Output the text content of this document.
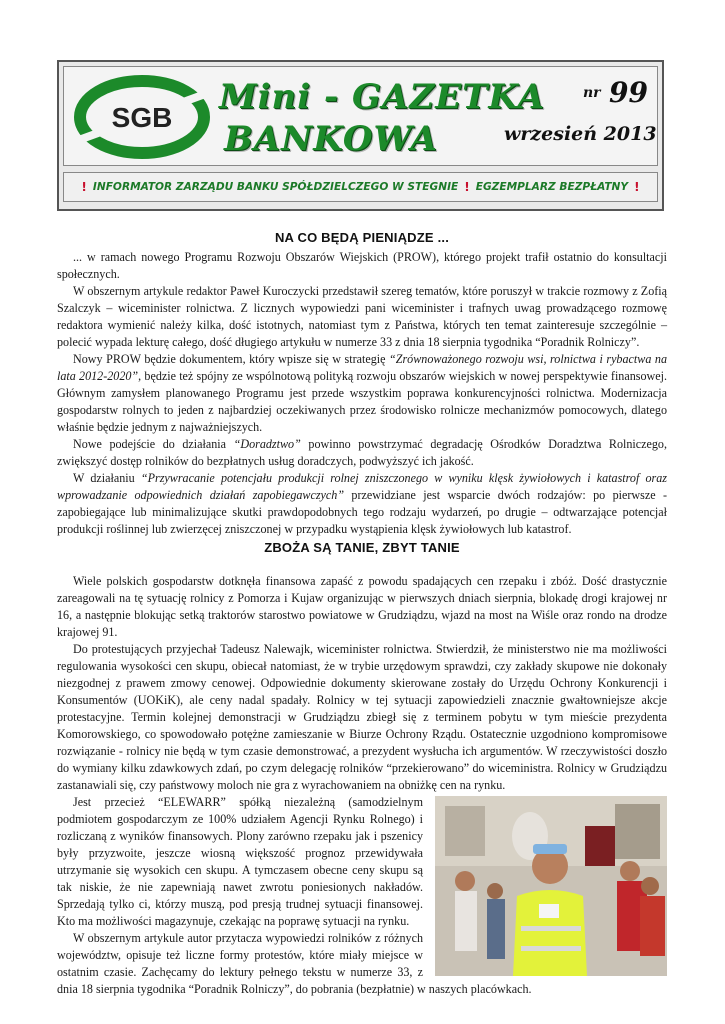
SGB
Mini - GAZETKA
BANKOWA
nr 99
wrzesień 2013
! INFORMATOR ZARZĄDU BANKU SPÓŁDZIELCZEGO W STEGNIE ! EGZEMPLARZ BEZPŁATNY !
NA CO BĘDĄ PIENIĄDZE ...

... w ramach nowego Programu Rozwoju Obszarów Wiejskich (PROW), którego projekt trafił ostatnio do konsultacji społecznych.

W obszernym artykule redaktor Paweł Kuroczycki przedstawił szereg tematów, które poruszył w trakcie rozmowy z Zofią Szalczyk – wiceminister rolnictwa. Z licznych wypowiedzi pani wiceminister i trafnych uwag prowadzącego rozmowę redaktora wymienić należy kilka, dość istotnych, natomiast tym z Państwa, których ten temat zainteresuje szczególnie – polecić wypada lekturę całego, dość długiego artykułu w numerze 33 z dnia 18 sierpnia tygodnika “Poradnik Rolniczy”.

Nowy PROW będzie dokumentem, który wpisze się w strategię “Zrównoważonego rozwoju wsi, rolnictwa i rybactwa na lata 2012-2020”, będzie też spójny ze wspólnotową polityką rozwoju obszarów wiejskich w nowej perspektywie finansowej. Głównym zamysłem planowanego Programu jest przede wszystkim poprawa konkurencyjności rolnictwa. Modernizacja gospodarstw rolnych to jeden z najbardziej oczekiwanych przez środowisko rolnicze mechanizmów pomocowych, dlatego właśnie będzie jednym z najważniejszych.

Nowe podejście do działania “Doradztwo” powinno powstrzymać degradację Ośrodków Doradztwa Rolniczego, zwiększyć dostęp rolników do bezpłatnych usług doradczych, podwyższyć ich jakość.

W działaniu “Przywracanie potencjału produkcji rolnej zniszczonego w wyniku klęsk żywiołowych i katastrof oraz wprowadzanie odpowiednich działań zapobiegawczych” przewidziane jest wsparcie dwóch rodzajów: po pierwsze - zapobiegające lub minimalizujące skutki prawdopodobnych tego rodzaju wydarzeń, po drugie – odtwarzające potencjał produkcji roślinnej lub zwierzęcej zniszczonej w przypadku wystąpienia klęsk żywiołowych lub katastrof.

ZBOŻA SĄ TANIE, ZBYT TANIE

Wiele polskich gospodarstw dotknęła finansowa zapaść z powodu spadających cen rzepaku i zbóż. Dość drastycznie zareagowali na tę sytuację rolnicy z Pomorza i Kujaw organizując w pierwszych dniach sierpnia, blokadę drogi krajowej nr 16, a następnie blokując setką traktorów starostwo powiatowe w Grudziądzu, wjazd na most na Wiśle oraz rondo na drodze krajowej 91.

Do protestujących przyjechał Tadeusz Nalewajk, wiceminister rolnictwa. Stwierdził, że ministerstwo nie ma możliwości regulowania wysokości cen skupu, obiecał natomiast, że w trybie urzędowym sprawdzi, czy zakłady skupowe nie dokonały niezgodnej z prawem zmowy cenowej. Odpowiednie dokumenty skierowane zostały do Urzędu Ochrony Konkurencji i Konsumentów (UOKiK), ale ceny nadal spadały. Rolnicy w tej sytuacji zapowiedzieli znacznie gwałtowniejsze akcje protestacyjne. Termin kolejnej demonstracji w Grudziądzu zbiegł się z terminem pobytu w tym mieście prezydenta Komorowskiego, co spowodowało potężne zamieszanie w Biurze Ochrony Rządu. Ostatecznie uzgodniono kompromisowe rozwiązanie - rolnicy nie będą w tym czasie demonstrować, a prezydent wysłucha ich argumentów. W rzeczywistości doszło do wymiany kilku zdawkowych zdań, po czym delegację rolników “przekierowano” do wiceministra. Rolnicy w Grudziądzu zastanawiali się, czy państwowy moloch nie gra z wyrachowaniem na obniżkę cen na rynku.

Jest przecież “ELEWARR” spółką niezależną (samodzielnym podmiotem gospodarczym ze 100% udziałem Agencji Rynku Rolnego) i rozliczaną z wyników finansowych. Plony zarówno rzepaku jak i pszenicy były przyzwoite, jeszcze wiosną większość prognoz przewidywała utrzymanie się wysokich cen skupu. A tymczasem obecne ceny skupu są tak niskie, że nie zapewniają nawet zwrotu poniesionych nakładów. Sprzedają tylko ci, którzy muszą, pod presją trudnej sytuacji finansowej. Kto ma możliwości magazynuje, czekając na poprawę sytuacji na rynku.

W obszernym artykule autor przytacza wypowiedzi rolników z różnych województw, opisuje też liczne formy protestów, które miały miejsce w ostatnim czasie. Zachęcamy do lektury pełnego tekstu w numerze 33, z dnia 18 sierpnia tygodnika “Poradnik Rolniczy”, do pobrania (bezpłatnie) w naszych placówkach.
